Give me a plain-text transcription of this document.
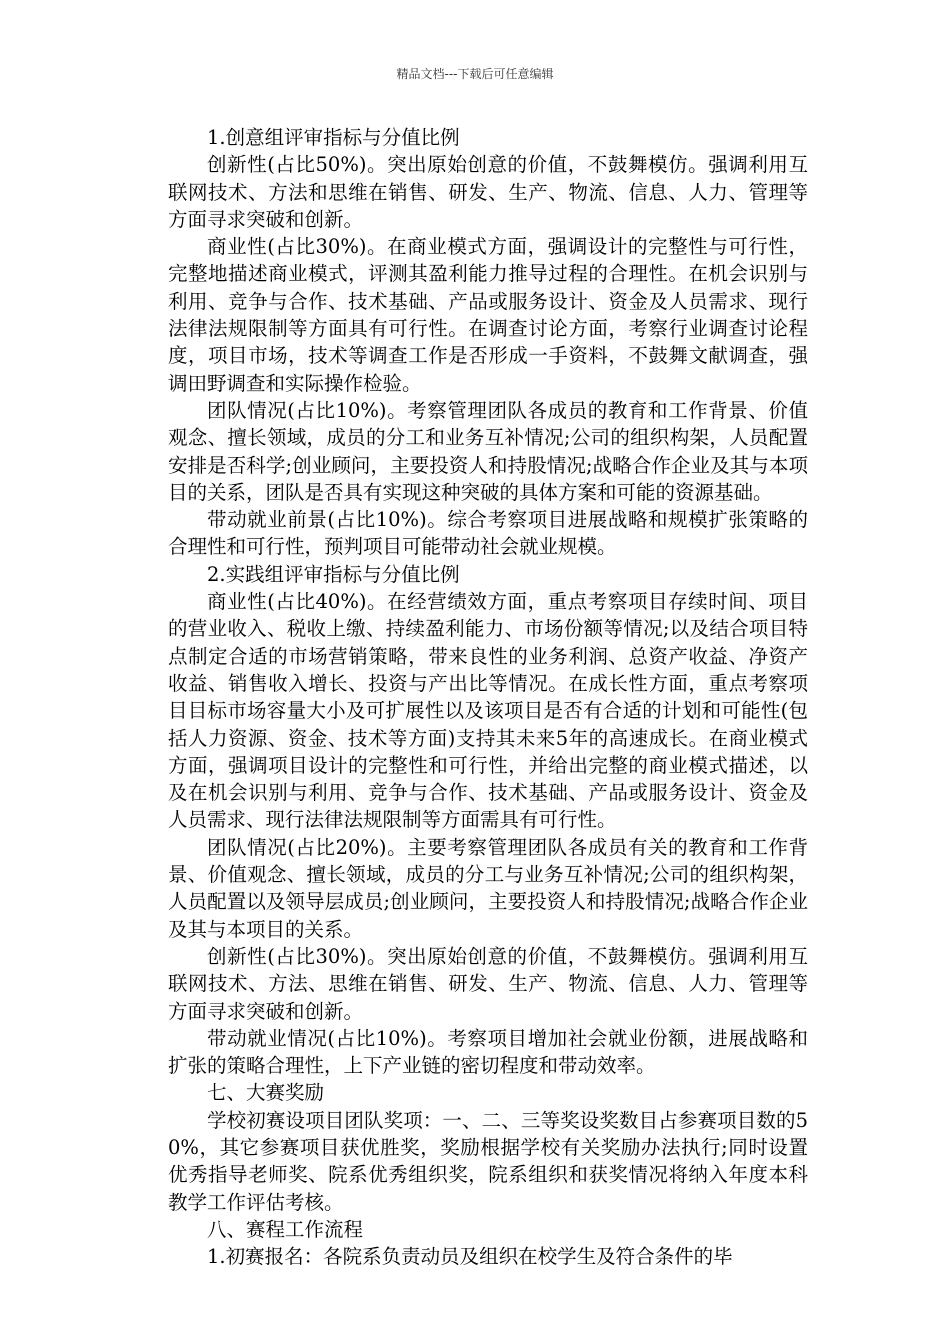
精品文档---下载后可任意编辑

1.创意组评审指标与分值比例

创新性(占比50%)。突出原始创意的价值，不鼓舞模仿。强调利用互联网技术、方法和思维在销售、研发、生产、物流、信息、人力、管理等方面寻求突破和创新。

商业性(占比30%)。在商业模式方面，强调设计的完整性与可行性，完整地描述商业模式，评测其盈利能力推导过程的合理性。在机会识别与利用、竞争与合作、技术基础、产品或服务设计、资金及人员需求、现行法律法规限制等方面具有可行性。在调查讨论方面，考察行业调查讨论程度，项目市场，技术等调查工作是否形成一手资料，不鼓舞文献调查，强调田野调查和实际操作检验。

团队情况(占比10%)。考察管理团队各成员的教育和工作背景、价值观念、擅长领域，成员的分工和业务互补情况;公司的组织构架，人员配置安排是否科学;创业顾问，主要投资人和持股情况;战略合作企业及其与本项目的关系，团队是否具有实现这种突破的具体方案和可能的资源基础。

带动就业前景(占比10%)。综合考察项目进展战略和规模扩张策略的合理性和可行性，预判项目可能带动社会就业规模。

2.实践组评审指标与分值比例

商业性(占比40%)。在经营绩效方面，重点考察项目存续时间、项目的营业收入、税收上缴、持续盈利能力、市场份额等情况;以及结合项目特点制定合适的市场营销策略，带来良性的业务利润、总资产收益、净资产收益、销售收入增长、投资与产出比等情况。在成长性方面，重点考察项目目标市场容量大小及可扩展性以及该项目是否有合适的计划和可能性(包括人力资源、资金、技术等方面)支持其未来5年的高速成长。在商业模式方面，强调项目设计的完整性和可行性，并给出完整的商业模式描述，以及在机会识别与利用、竞争与合作、技术基础、产品或服务设计、资金及人员需求、现行法律法规限制等方面需具有可行性。

团队情况(占比20%)。主要考察管理团队各成员有关的教育和工作背景、价值观念、擅长领域，成员的分工与业务互补情况;公司的组织构架，人员配置以及领导层成员;创业顾问，主要投资人和持股情况;战略合作企业及其与本项目的关系。

创新性(占比30%)。突出原始创意的价值，不鼓舞模仿。强调利用互联网技术、方法、思维在销售、研发、生产、物流、信息、人力、管理等方面寻求突破和创新。

带动就业情况(占比10%)。考察项目增加社会就业份额，进展战略和扩张的策略合理性，上下产业链的密切程度和带动效率。

七、大赛奖励

学校初赛设项目团队奖项：一、二、三等奖设奖数目占参赛项目数的50%，其它参赛项目获优胜奖，奖励根据学校有关奖励办法执行;同时设置优秀指导老师奖、院系优秀组织奖，院系组织和获奖情况将纳入年度本科教学工作评估考核。

八、赛程工作流程

1.初赛报名：各院系负责动员及组织在校学生及符合条件的毕
